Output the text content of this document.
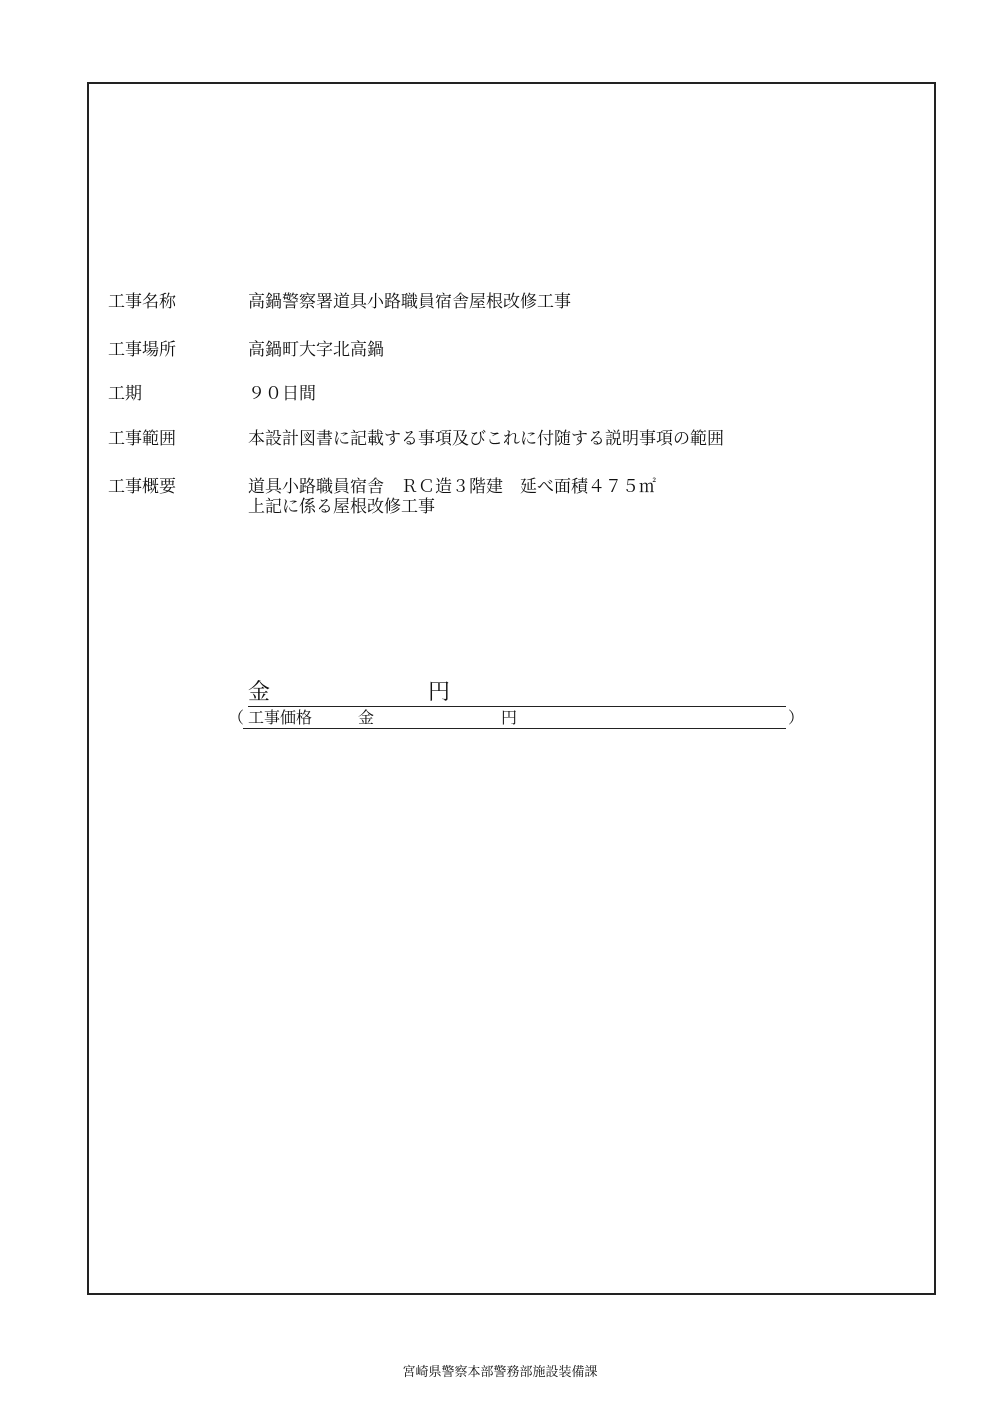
工事名称	高鍋警察署道具小路職員宿舎屋根改修工事
工事場所	高鍋町大字北高鍋
工期	９０日間
工事範囲	本設計図書に記載する事項及びこれに付随する説明事項の範囲
工事概要	道具小路職員宿舎　ＲＣ造３階建　延べ面積４７５㎡
上記に係る屋根改修工事
金	円
（ 工事価格	金	円	）
宮崎県警察本部警務部施設装備課
